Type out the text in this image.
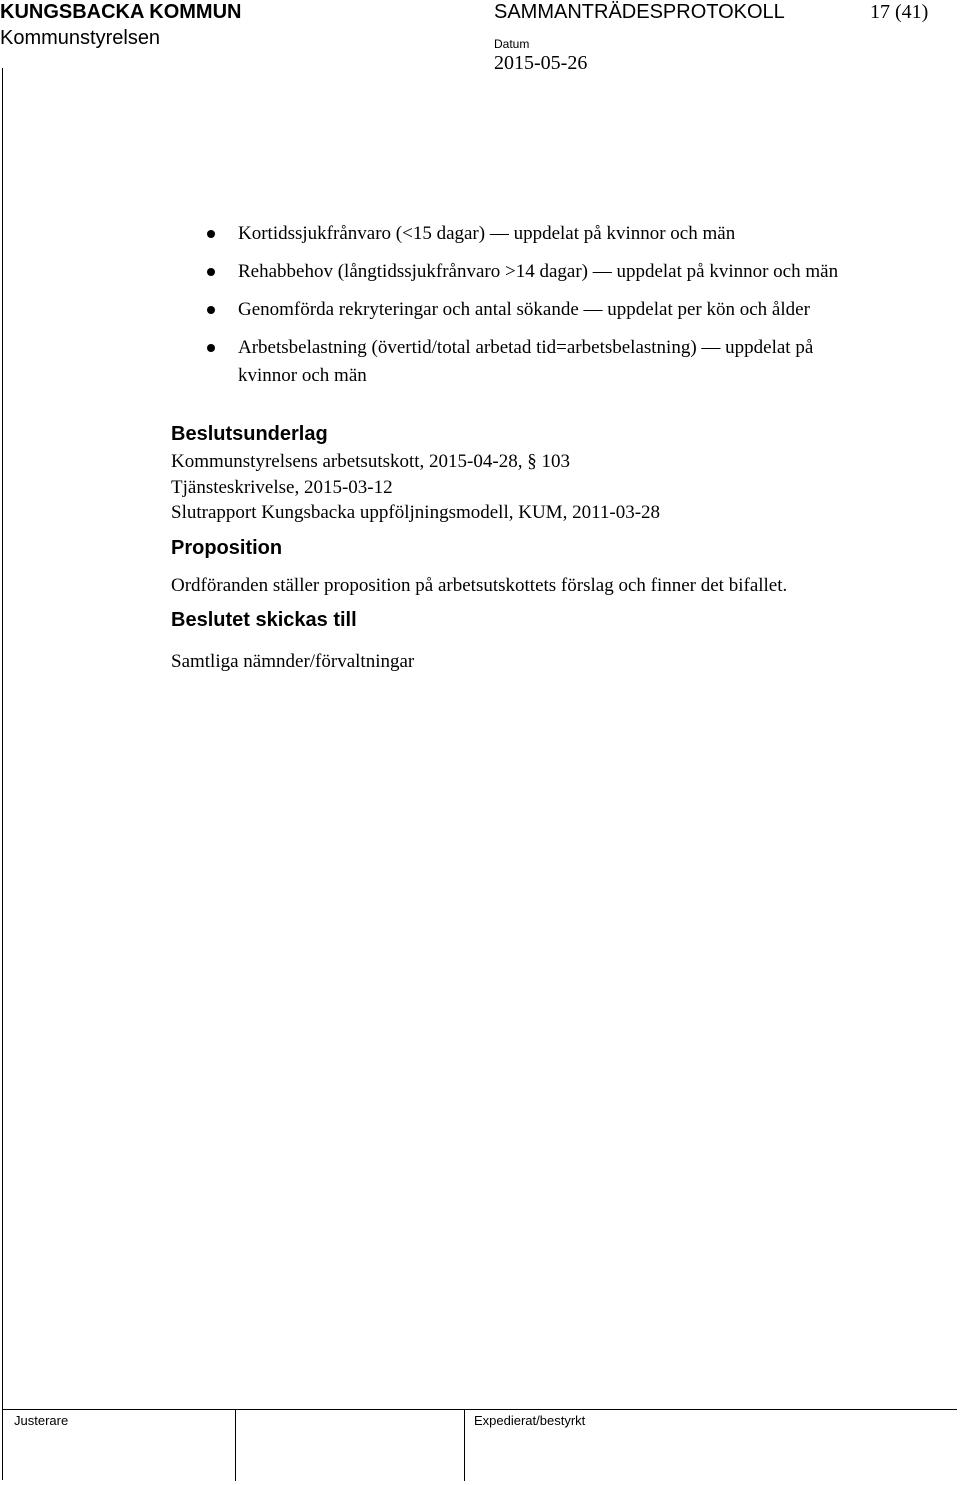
KUNGSBACKA KOMMUN
Kommunstyrelsen
SAMMANTRÄDESPROTOKOLL	17 (41)
Datum
2015-05-26
Kortidssjukfrånvaro (<15 dagar) — uppdelat på kvinnor och män
Rehabbehov (långtidssjukfrånvaro >14 dagar) — uppdelat på kvinnor och män
Genomförda rekryteringar och antal sökande — uppdelat per kön och ålder
Arbetsbelastning (övertid/total arbetad tid=arbetsbelastning) — uppdelat på
kvinnor och män
Beslutsunderlag
Kommunstyrelsens arbetsutskott, 2015-04-28, § 103
Tjänsteskrivelse, 2015-03-12
Slutrapport Kungsbacka uppföljningsmodell, KUM, 2011-03-28
Proposition
Ordföranden ställer proposition på arbetsutskottets förslag och finner det bifallet.
Beslutet skickas till
Samtliga nämnder/förvaltningar
Justerare	Expedierat/bestyrkt
